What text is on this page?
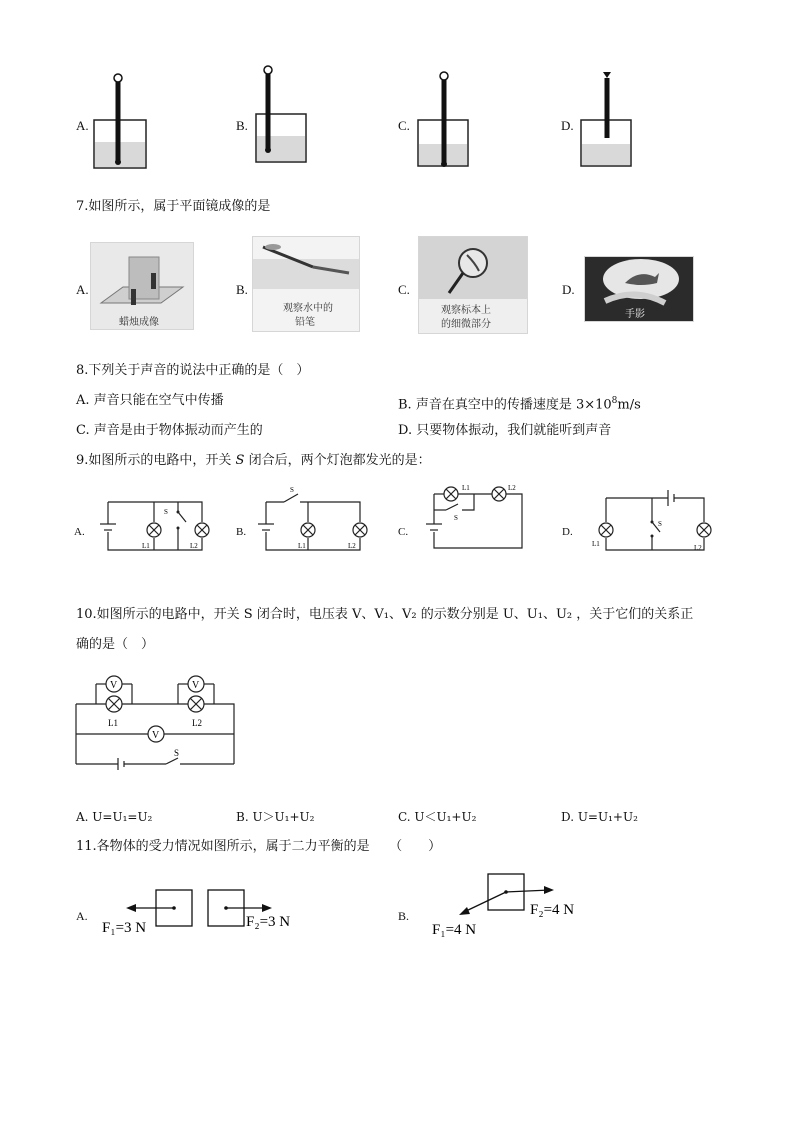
A.	B.	C.	D.
7.如图所示，属于平面镜成像的是
A.
蜡烛成像
B.
观察水中的
铅笔
C.
观察标本上
的细微部分
D.
手影
8.下列关于声音的说法中正确的是（　）
A. 声音只能在空气中传播	B. 声音在真空中的传播速度是 $3\times 10^8m/s$
C. 声音是由于物体振动而产生的	D. 只要物体振动，我们就能听到声音
9.如图所示的电路中，开关 S 闭合后，两个灯泡都发光的是：
A.
S
L1	L2
B.
S
L1	L2
C.
S
L1	L2
D.
S
L1	L2
10.如图所示的电路中，开关 S 闭合时，电压表 V、V₁、V₂ 的示数分别是 U、U₁、U₂ ，关于它们的关系正
确的是（　）
V	V
V
L1	L2
S
A. U=U₁=U₂	B. U＞U₁+U₂	C. U＜U₁+U₂	D. U=U₁+U₂
11.各物体的受力情况如图所示，属于二力平衡的是　　（　　）
A.
F₁=3 N	F₂=3 N	B.
F₁=4 N
F₂=4 N
